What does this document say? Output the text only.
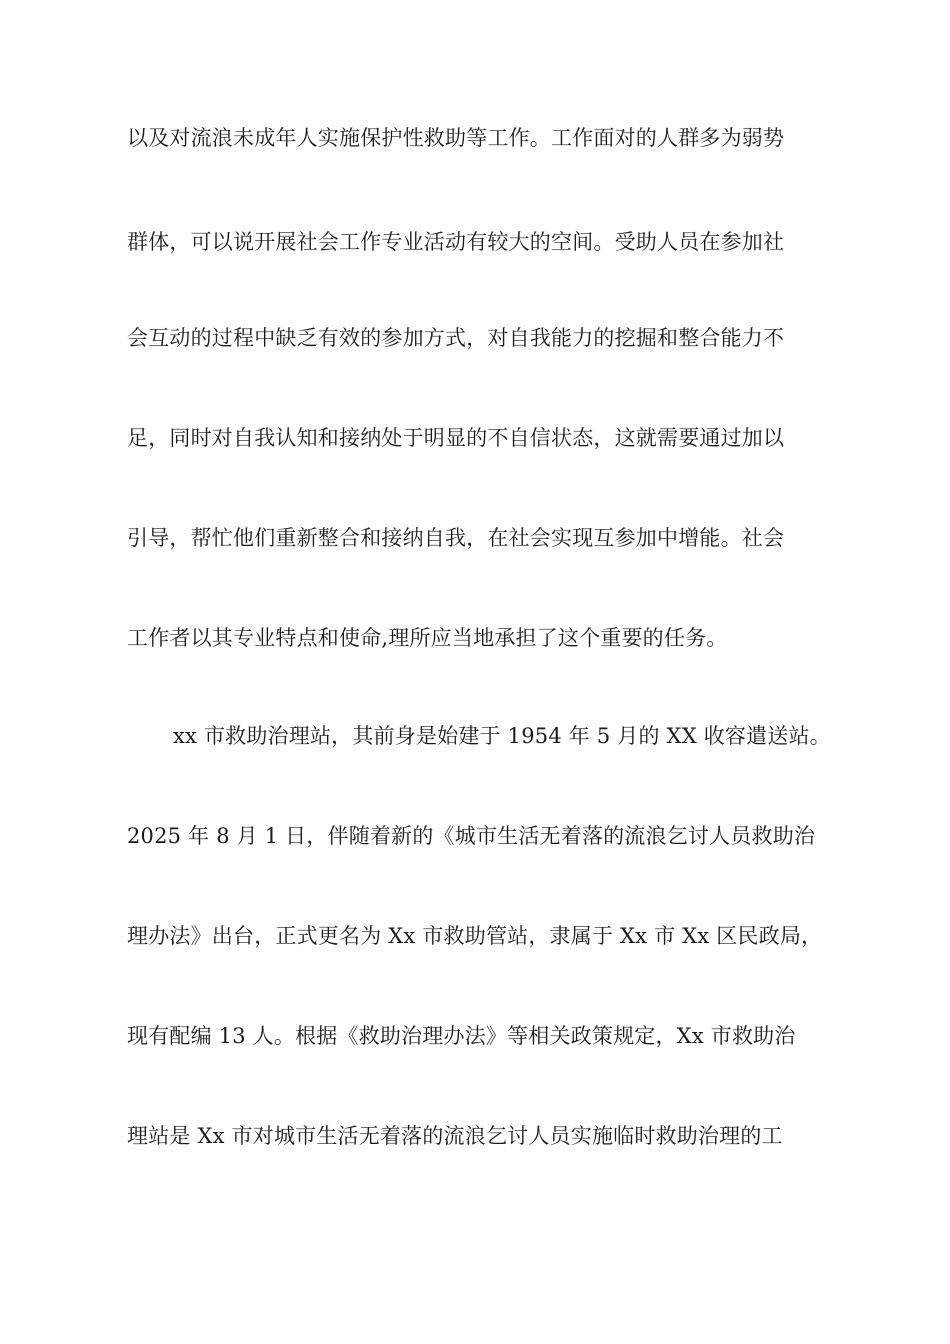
以及对流浪未成年人实施保护性救助等工作。工作面对的人群多为弱势
群体，可以说开展社会工作专业活动有较大的空间。受助人员在参加社
会互动的过程中缺乏有效的参加方式，对自我能力的挖掘和整合能力不
足，同时对自我认知和接纳处于明显的不自信状态，这就需要通过加以
引导，帮忙他们重新整合和接纳自我，在社会实现互参加中增能。社会
工作者以其专业特点和使命,理所应当地承担了这个重要的任务。
xx 市救助治理站，其前身是始建于 1954 年 5 月的 XX 收容遣送站。
2025 年 8 月 1 日，伴随着新的《城市生活无着落的流浪乞讨人员救助治
理办法》出台，正式更名为 Xx 市救助管站，隶属于 Xx 市 Xx 区民政局，
现有配编 13 人。根据《救助治理办法》等相关政策规定，Xx 市救助治
理站是 Xx 市对城市生活无着落的流浪乞讨人员实施临时救助治理的工
